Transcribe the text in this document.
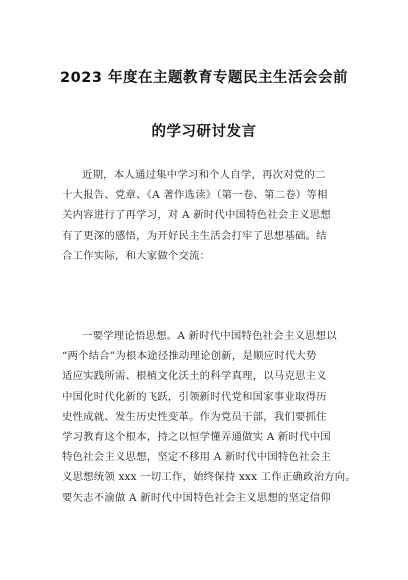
2023 年度在主题教育专题民主生活会会前
的学习研讨发言
近期，本人通过集中学习和个人自学，再次对党的二
十大报告、党章、《A 著作选读》（第一卷、第二卷）等相
关内容进行了再学习，对 A 新时代中国特色社会主义思想
有了更深的感悟，为开好民主生活会打牢了思想基础。结
合工作实际，和大家做个交流：
一要学理论悟思想。A 新时代中国特色社会主义思想以
“两个结合”为根本途径推动理论创新，是顺应时代大势
适应实践所需、根植文化沃土的科学真理，以马克思主义
中国化时代化新的飞跃，引领新时代党和国家事业取得历
史性成就、发生历史性变革。作为党员干部，我们要抓住
学习教育这个根本，持之以恒学懂弄通做实 A 新时代中国
特色社会主义思想，坚定不移用 A 新时代中国特色社会主
义思想统领 xxx 一切工作，始终保持 xxx 工作正确政治方向。
要矢志不渝做 A 新时代中国特色社会主义思想的坚定信仰
